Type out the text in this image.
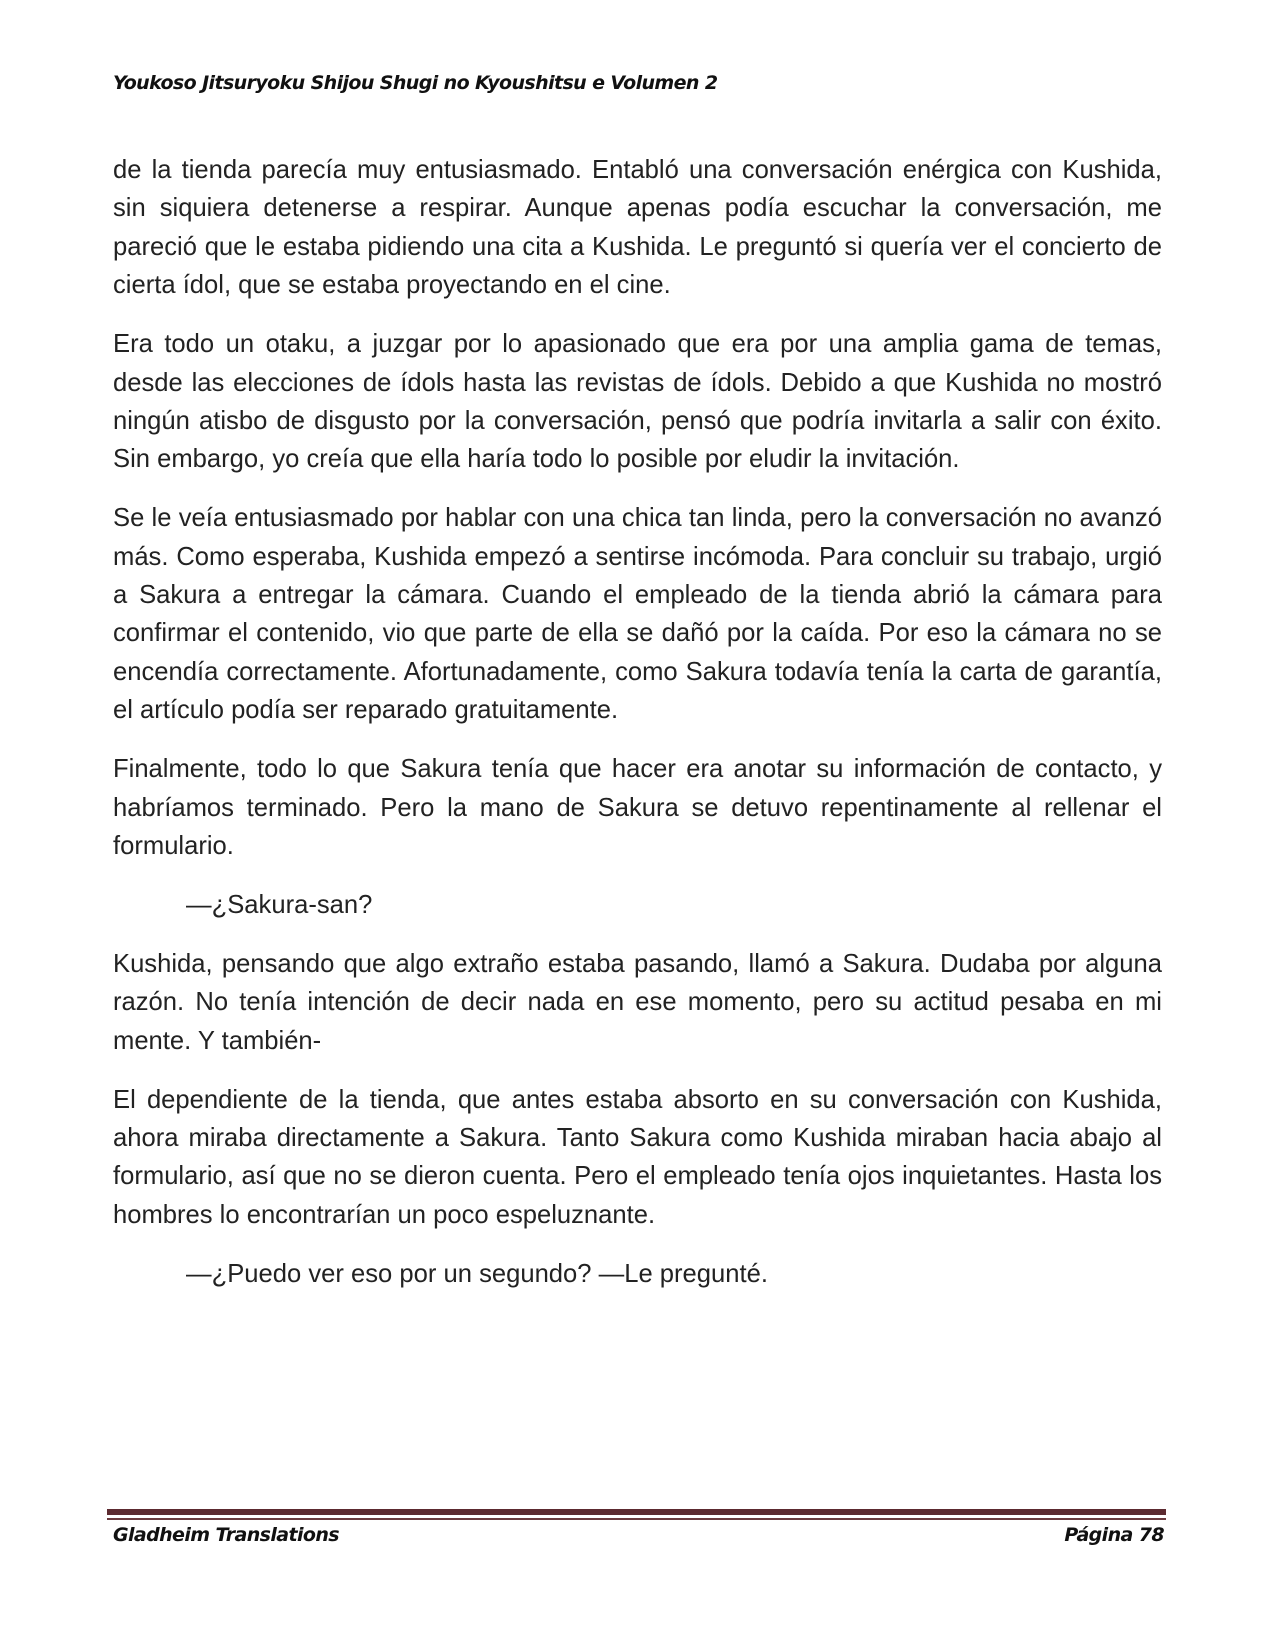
Youkoso Jitsuryoku Shijou Shugi no Kyoushitsu e Volumen 2

de la tienda parecía muy entusiasmado. Entabló una conversación enérgica con Kushida, sin siquiera detenerse a respirar. Aunque apenas podía escuchar la conversación, me pareció que le estaba pidiendo una cita a Kushida. Le preguntó si quería ver el concierto de cierta ídol, que se estaba proyectando en el cine.

Era todo un otaku, a juzgar por lo apasionado que era por una amplia gama de temas, desde las elecciones de ídols hasta las revistas de ídols. Debido a que Kushida no mostró ningún atisbo de disgusto por la conversación, pensó que podría invitarla a salir con éxito. Sin embargo, yo creía que ella haría todo lo posible por eludir la invitación.

Se le veía entusiasmado por hablar con una chica tan linda, pero la conversación no avanzó más. Como esperaba, Kushida empezó a sentirse incómoda. Para concluir su trabajo, urgió a Sakura a entregar la cámara. Cuando el empleado de la tienda abrió la cámara para confirmar el contenido, vio que parte de ella se dañó por la caída. Por eso la cámara no se encendía correctamente. Afortunadamente, como Sakura todavía tenía la carta de garantía, el artículo podía ser reparado gratuitamente.

Finalmente, todo lo que Sakura tenía que hacer era anotar su información de contacto, y habríamos terminado. Pero la mano de Sakura se detuvo repentinamente al rellenar el formulario.

—¿Sakura-san?

Kushida, pensando que algo extraño estaba pasando, llamó a Sakura. Dudaba por alguna razón. No tenía intención de decir nada en ese momento, pero su actitud pesaba en mi mente. Y también-

El dependiente de la tienda, que antes estaba absorto en su conversación con Kushida, ahora miraba directamente a Sakura. Tanto Sakura como Kushida miraban hacia abajo al formulario, así que no se dieron cuenta. Pero el empleado tenía ojos inquietantes. Hasta los hombres lo encontrarían un poco espeluznante.

—¿Puedo ver eso por un segundo? —Le pregunté.

Gladheim Translations	Página 78
